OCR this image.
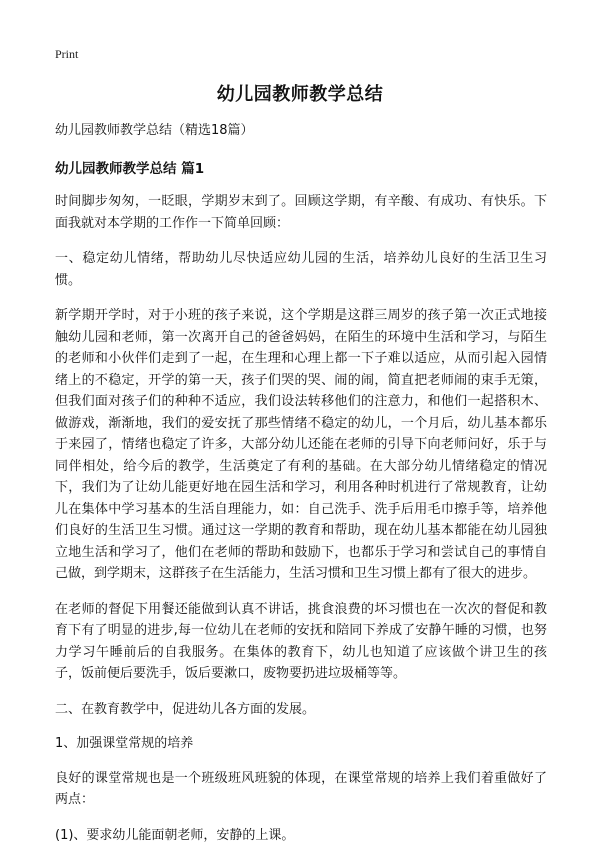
Print
幼儿园教师教学总结

幼儿园教师教学总结（精选18篇）

幼儿园教师教学总结 篇1

时间脚步匆匆，一眨眼，学期岁末到了。回顾这学期，有辛酸、有成功、有快乐。下面我就对本学期的工作作一下简单回顾：

一、稳定幼儿情绪，帮助幼儿尽快适应幼儿园的生活，培养幼儿良好的生活卫生习惯。

新学期开学时，对于小班的孩子来说，这个学期是这群三周岁的孩子第一次正式地接触幼儿园和老师，第一次离开自己的爸爸妈妈，在陌生的环境中生活和学习，与陌生的老师和小伙伴们走到了一起，在生理和心理上都一下子难以适应，从而引起入园情绪上的不稳定，开学的第一天，孩子们哭的哭、闹的闹，简直把老师闹的束手无策，但我们面对孩子们的种种不适应，我们设法转移他们的注意力，和他们一起搭积木、做游戏，渐渐地，我们的爱安抚了那些情绪不稳定的幼儿，一个月后，幼儿基本都乐于来园了，情绪也稳定了许多，大部分幼儿还能在老师的引导下向老师问好，乐于与同伴相处，给今后的教学，生活奠定了有利的基础。在大部分幼儿情绪稳定的情况下，我们为了让幼儿能更好地在园生活和学习，利用各种时机进行了常规教育，让幼儿在集体中学习基本的生活自理能力，如：自己洗手、洗手后用毛巾擦手等，培养他们良好的生活卫生习惯。通过这一学期的教育和帮助，现在幼儿基本都能在幼儿园独立地生活和学习了，他们在老师的帮助和鼓励下，也都乐于学习和尝试自己的事情自己做，到学期末，这群孩子在生活能力，生活习惯和卫生习惯上都有了很大的进步。

在老师的督促下用餐还能做到认真不讲话，挑食浪费的坏习惯也在一次次的督促和教育下有了明显的进步,每一位幼儿在老师的安抚和陪同下养成了安静午睡的习惯，也努力学习午睡前后的自我服务。在集体的教育下，幼儿也知道了应该做个讲卫生的孩子，饭前便后要洗手，饭后要漱口，废物要扔进垃圾桶等等。

二、在教育教学中，促进幼儿各方面的发展。

1、加强课堂常规的培养

良好的课堂常规也是一个班级班风班貌的体现，在课堂常规的培养上我们着重做好了两点：

(1)、要求幼儿能面朝老师，安静的上课。
